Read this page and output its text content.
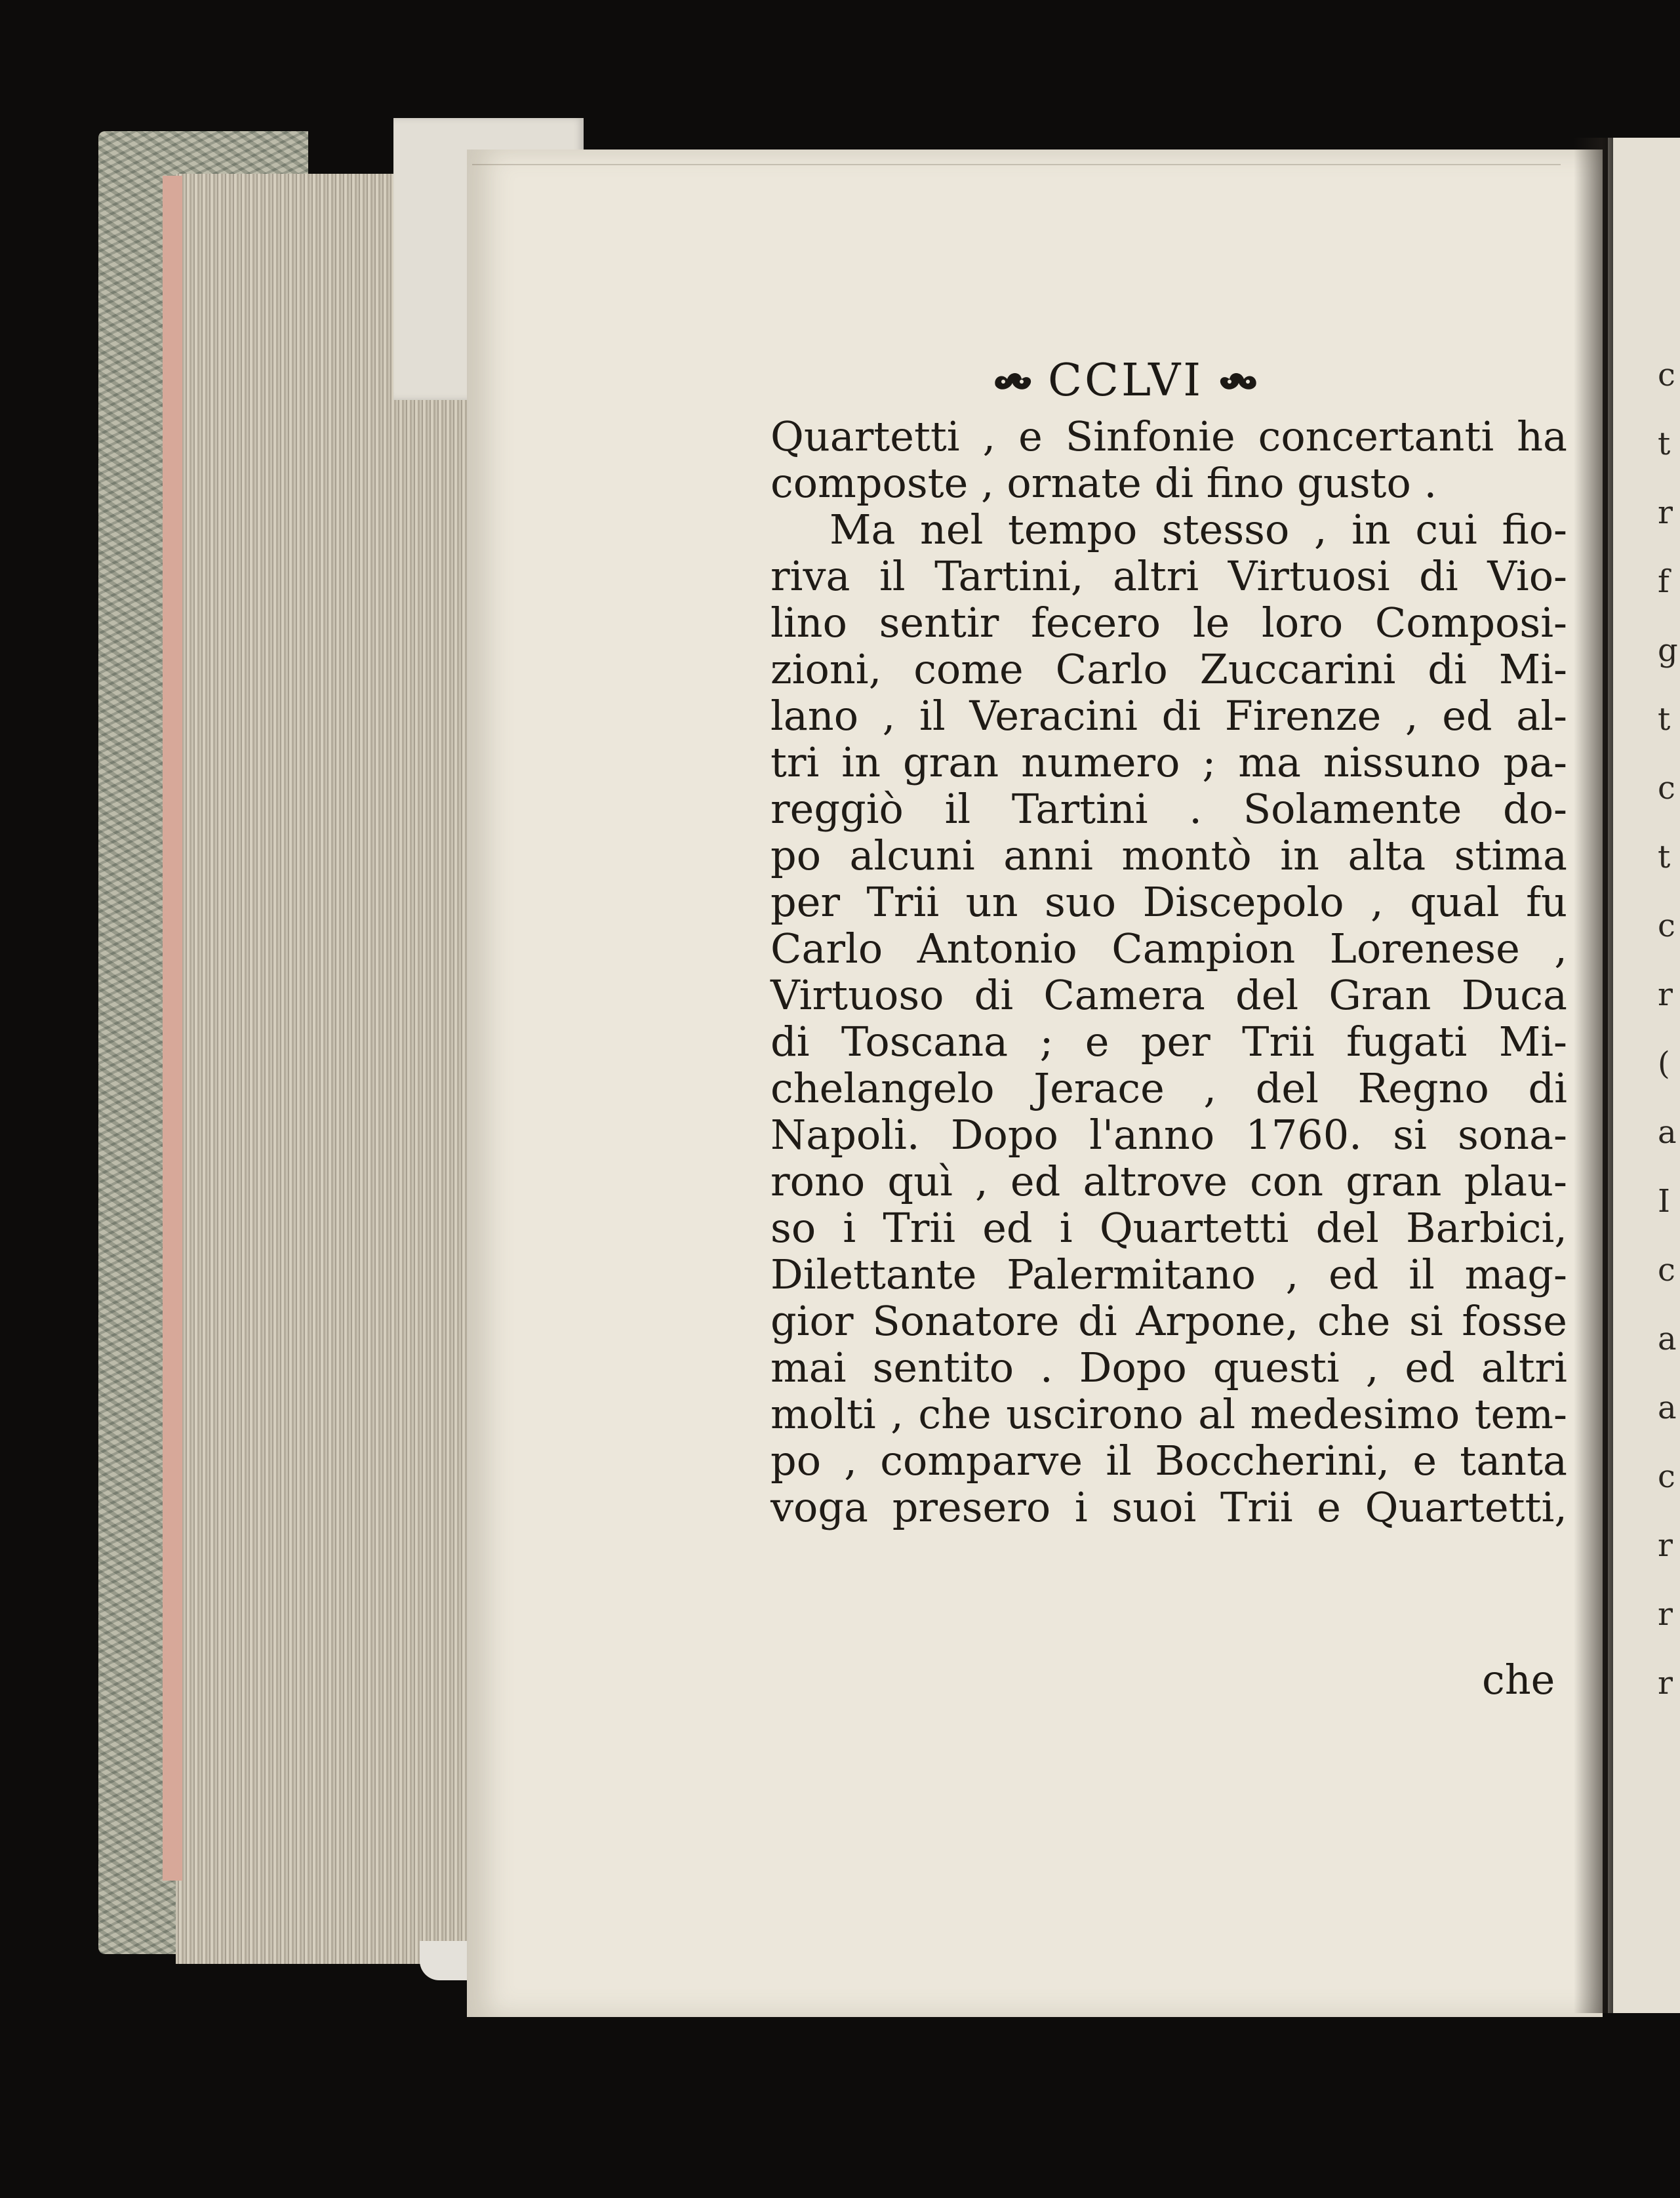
c
t
r
f
g
t
c
t
c
r
(
a
I
c
a
a
c
r
r
r
CCLVI
Quartetti , e Sinfonie concertanti ha
composte , ornate di fino gusto .
Ma nel tempo stesso , in cui fio-
riva il Tartini, altri Virtuosi di Vio-
lino sentir fecero le loro Composi-
zioni, come Carlo Zuccarini di Mi-
lano , il Veracini di Firenze , ed al-
tri in gran numero ; ma nissuno pa-
reggiò il Tartini . Solamente do-
po alcuni anni montò in alta stima
per Trii un suo Discepolo , qual fu
Carlo Antonio Campion Lorenese ,
Virtuoso di Camera del Gran Duca
di Toscana ; e per Trii fugati Mi-
chelangelo Jerace , del Regno di
Napoli. Dopo l'anno 1760. si sona-
rono quì , ed altrove con gran plau-
so i Trii ed i Quartetti del Barbici,
Dilettante Palermitano , ed il mag-
gior Sonatore di Arpone, che si fosse
mai sentito . Dopo questi , ed altri
molti , che uscirono al medesimo tem-
po , comparve il Boccherini, e tanta
voga presero i suoi Trii e Quartetti,
che
